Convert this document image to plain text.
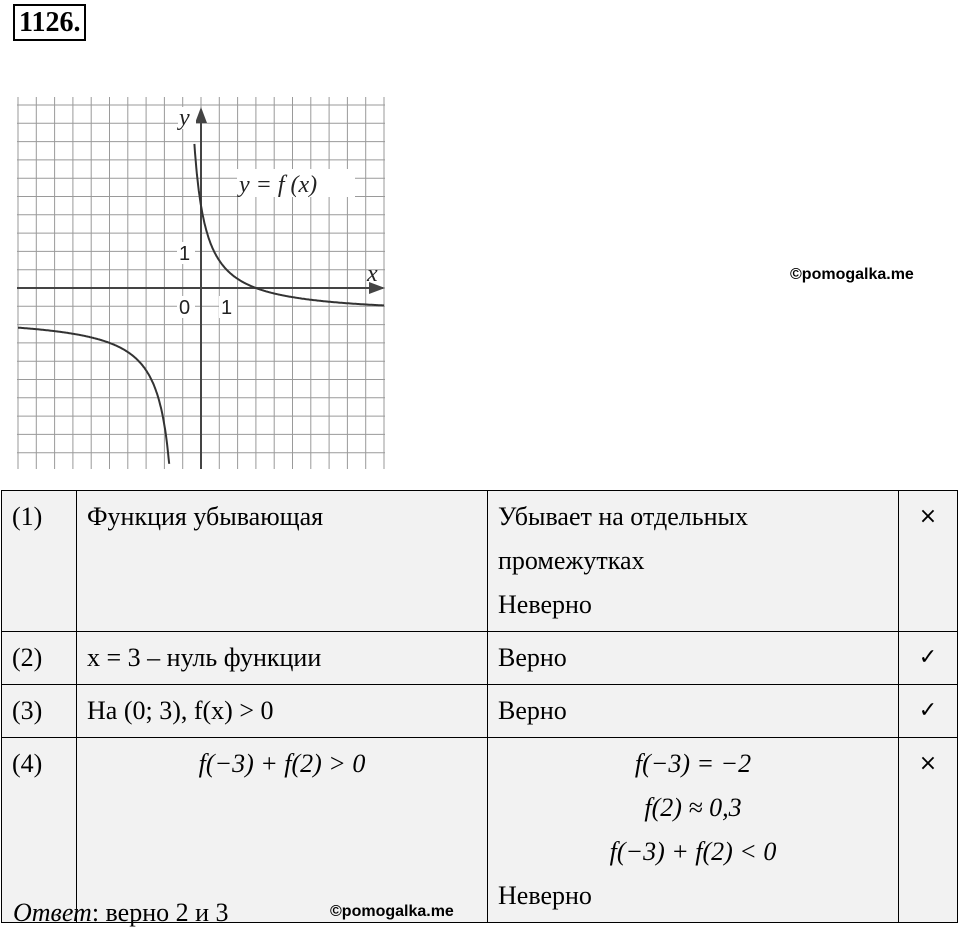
1126.
y = f (x)
y
x
1
0 1
©pomogalka.me
(1)	Функция убывающая	Убывает на отдельных
промежутках
Неверно	×
(2)	x = 3 – нуль функции	Верно	✓
(3)	На (0; 3), f(x) > 0	Верно	✓
(4)	f(−3) + f(2) > 0	f(−3) = −2
f(2) ≈ 0,3
f(−3) + f(2) < 0
Неверно	×
Ответ: верно 2 и 3	©pomogalka.me
